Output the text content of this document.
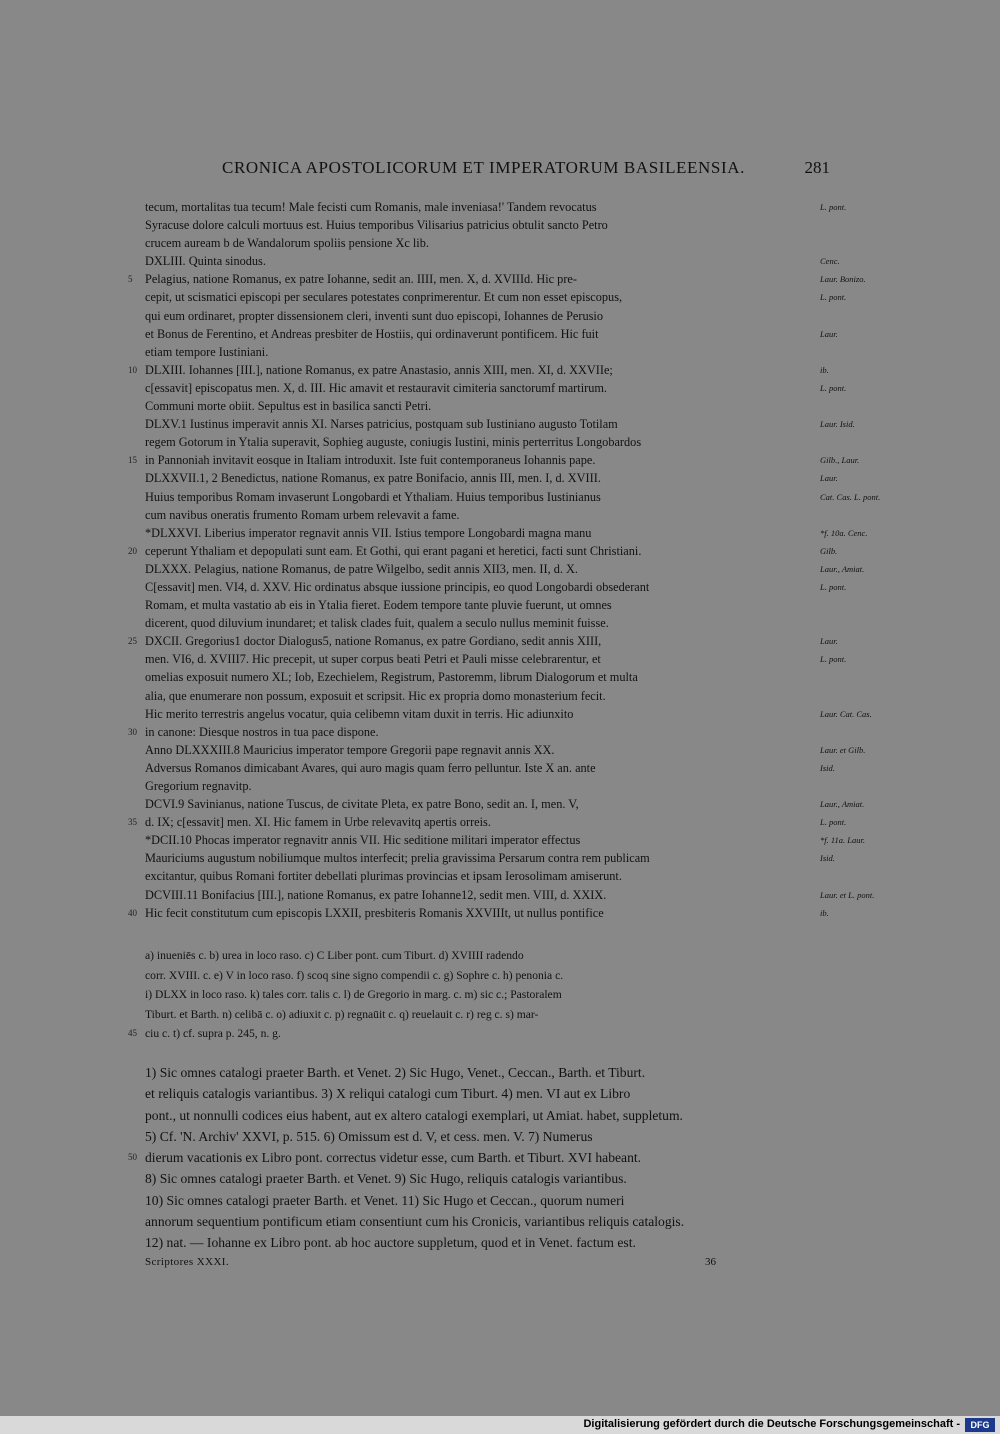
CRONICA APOSTOLICORUM ET IMPERATORUM BASILEENSIA.	281
tecum, mortalitas tua tecum! Male fecisti cum Romanis, male inveniasa!' Tandem revocatus	L. pont.
Syracuse dolore calculi mortuus est. Huius temporibus Vilisarius patricius obtulit sancto Petro
crucem auream b de Wandalorum spoliis pensione Xc lib.
DXLIII. Quinta sinodus.	Cenc.
5 Pelagius, natione Romanus, ex patre Iohanne, sedit an. IIII, men. X, d. XVIIId. Hic pre-	Laur. Bonizo.
cepit, ut scismatici episcopi per seculares potestates conprimerentur. Et cum non esset episcopus,	L. pont.
qui eum ordinaret, propter dissensionem cleri, inventi sunt duo episcopi, Iohannes de Perusio
et Bonus de Ferentino, et Andreas presbiter de Hostiis, qui ordinaverunt pontificem. Hic fuit	Laur.
etiam tempore Iustiniani.
10 DLXIII. Iohannes [III.], natione Romanus, ex patre Anastasio, annis XIII, men. XI, d. XXVIIe;	ib.
c[essavit] episcopatus men. X, d. III. Hic amavit et restauravit cimiteria sanctorumf martirum.	L. pont.
Communi morte obiit. Sepultus est in basilica sancti Petri.
DLXV.1 Iustinus imperavit annis XI. Narses patricius, postquam sub Iustiniano augusto Totilam	Laur. Isid.
regem Gotorum in Ytalia superavit, Sophieg auguste, coniugis Iustini, minis perterritus Longobardos
15 in Pannoniah invitavit eosque in Italiam introduxit. Iste fuit contemporaneus Iohannis pape.	Gilb., Laur.
DLXXVII.1, 2 Benedictus, natione Romanus, ex patre Bonifacio, annis III, men. I, d. XVIII.	Laur.
Huius temporibus Romam invaserunt Longobardi et Ythaliam. Huius temporibus Iustinianus	Cat. Cas. L. pont.
cum navibus oneratis frumento Romam urbem relevavit a fame.
*DLXXVI. Liberius imperator regnavit annis VII. Istius tempore Longobardi magna manu	*f. 10a. Cenc.
20 ceperunt Ythaliam et depopulati sunt eam. Et Gothi, qui erant pagani et heretici, facti sunt Christiani.	Gilb.
DLXXX. Pelagius, natione Romanus, de patre Wilgelbo, sedit annis XII3, men. II, d. X.	Laur., Amiat.
C[essavit] men. VI4, d. XXV. Hic ordinatus absque iussione principis, eo quod Longobardi obsederant	L. pont.
Romam, et multa vastatio ab eis in Ytalia fieret. Eodem tempore tante pluvie fuerunt, ut omnes
dicerent, quod diluvium inundaret; et talisk clades fuit, qualem a seculo nullus meminit fuisse.
25 DXCII. Gregorius1 doctor Dialogus5, natione Romanus, ex patre Gordiano, sedit annis XIII,	Laur.
men. VI6, d. XVIII7. Hic precepit, ut super corpus beati Petri et Pauli misse celebrarentur, et	L. pont.
omelias exposuit numero XL; Iob, Ezechielem, Registrum, Pastoremm, librum Dialogorum et multa
alia, que enumerare non possum, exposuit et scripsit. Hic ex propria domo monasterium fecit.
Hic merito terrestris angelus vocatur, quia celibemn vitam duxit in terris. Hic adiunxito	Laur. Cat. Cas.
30 in canone: Diesque nostros in tua pace dispone.
Anno DLXXXIII.8 Mauricius imperator tempore Gregorii pape regnavit annis XX.	Laur. et Gilb.
Adversus Romanos dimicabant Avares, qui auro magis quam ferro pelluntur. Iste X an. ante	Isid.
Gregorium regnavitp.
DCVI.9 Savinianus, natione Tuscus, de civitate Pleta, ex patre Bono, sedit an. I, men. V,	Laur., Amiat.
35 d. IX; c[essavit] men. XI. Hic famem in Urbe relevavitq apertis orreis.	L. pont.
*DCII.10 Phocas imperator regnavitr annis VII. Hic seditione militari imperator effectus	*f. 11a. Laur.
Mauriciums augustum nobiliumque multos interfecit; prelia gravissima Persarum contra rem publicam	Isid.
excitantur, quibus Romani fortiter debellati plurimas provincias et ipsam Ierosolimam amiserunt.
DCVIII.11 Bonifacius [III.], natione Romanus, ex patre Iohanne12, sedit men. VIII, d. XXIX.	Laur. et L. pont.
40 Hic fecit constitutum cum episcopis LXXII, presbiteris Romanis XXVIIIt, ut nullus pontifice	ib.
a) inueniēs c. b) urea in loco raso. c) C Liber pont. cum Tiburt. d) XVIIII radendo
corr. XVIII. c. e) V in loco raso. f) scoq sine signo compendii c. g) Sophre c. h) penonia c.
i) DLXX in loco raso. k) tales corr. talis c. l) de Gregorio in marg. c. m) sic c.; Pastoralem
Tiburt. et Barth. n) celibā c. o) adiuxit c. p) regnaūit c. q) reuelauit c. r) reg c. s) mar-
45 ciu c. t) cf. supra p. 245, n. g.
1) Sic omnes catalogi praeter Barth. et Venet. 2) Sic Hugo, Venet., Ceccan., Barth. et Tiburt.
et reliquis catalogis variantibus. 3) X reliqui catalogi cum Tiburt. 4) men. VI aut ex Libro
pont., ut nonnulli codices eius habent, aut ex altero catalogi exemplari, ut Amiat. habet, suppletum.
5) Cf. 'N. Archiv' XXVI, p. 515. 6) Omissum est d. V, et cess. men. V. 7) Numerus
50 dierum vacationis ex Libro pont. correctus videtur esse, cum Barth. et Tiburt. XVI habeant.
8) Sic omnes catalogi praeter Barth. et Venet. 9) Sic Hugo, reliquis catalogis variantibus.
10) Sic omnes catalogi praeter Barth. et Venet. 11) Sic Hugo et Ceccan., quorum numeri
annorum sequentium pontificum etiam consentiunt cum his Cronicis, variantibus reliquis catalogis.
12) nat. — Iohanne ex Libro pont. ab hoc auctore suppletum, quod et in Venet. factum est.
Scriptores XXXI.	36
Digitalisierung gefördert durch die Deutsche Forschungsgemeinschaft -	DFG
